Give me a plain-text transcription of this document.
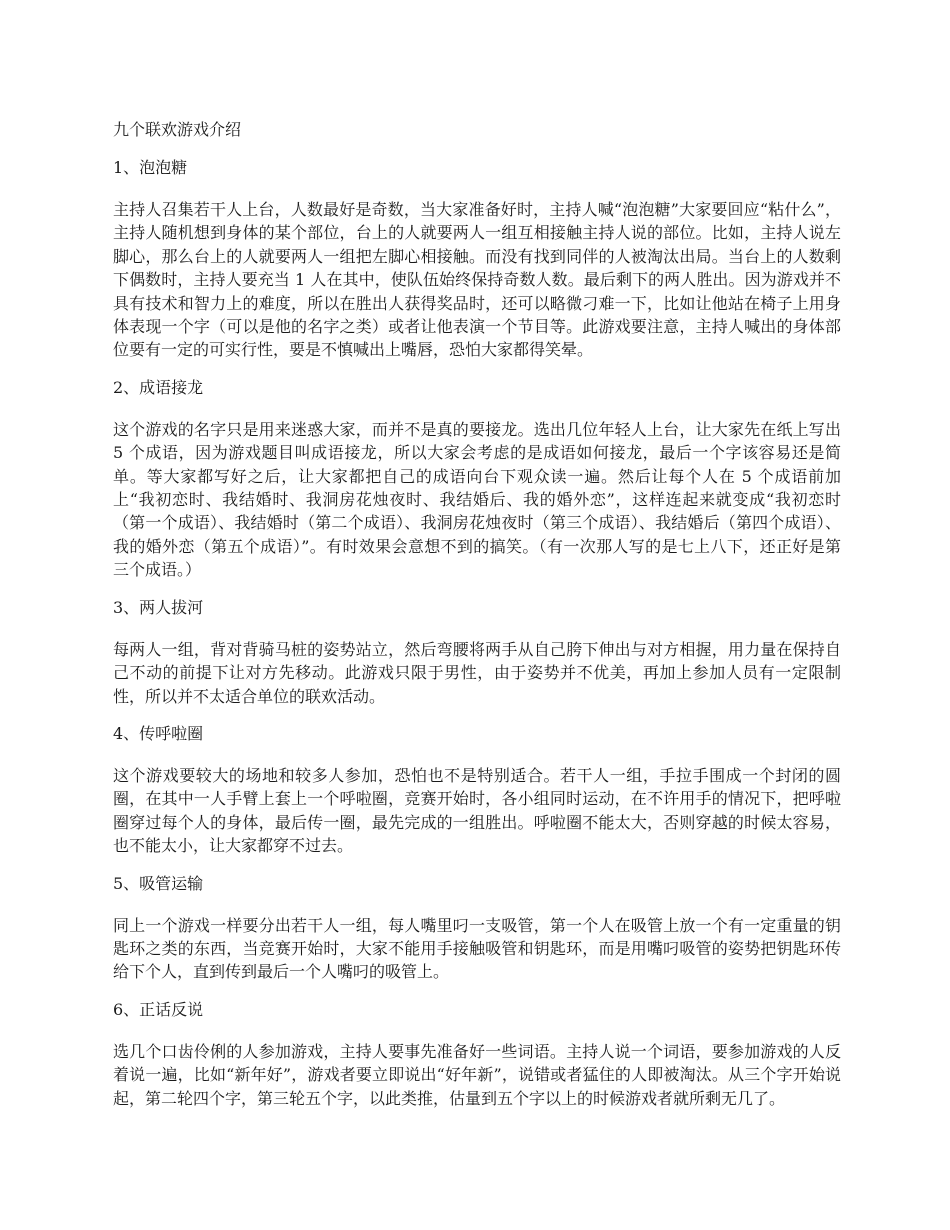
九个联欢游戏介绍
1、泡泡糖

主持人召集若干人上台，人数最好是奇数，当大家准备好时，主持人喊“泡泡糖”大家要回应“粘什么”，主持人随机想到身体的某个部位，台上的人就要两人一组互相接触主持人说的部位。比如，主持人说左脚心，那么台上的人就要两人一组把左脚心相接触。而没有找到同伴的人被淘汰出局。当台上的人数剩下偶数时，主持人要充当 1 人在其中，使队伍始终保持奇数人数。最后剩下的两人胜出。因为游戏并不具有技术和智力上的难度，所以在胜出人获得奖品时，还可以略微刁难一下，比如让他站在椅子上用身体表现一个字（可以是他的名字之类）或者让他表演一个节目等。此游戏要注意，主持人喊出的身体部位要有一定的可实行性，要是不慎喊出上嘴唇，恐怕大家都得笑晕。

2、成语接龙

这个游戏的名字只是用来迷惑大家，而并不是真的要接龙。选出几位年轻人上台，让大家先在纸上写出 5 个成语，因为游戏题目叫成语接龙，所以大家会考虑的是成语如何接龙，最后一个字该容易还是简单。等大家都写好之后，让大家都把自己的成语向台下观众读一遍。然后让每个人在 5 个成语前加上“我初恋时、我结婚时、我洞房花烛夜时、我结婚后、我的婚外恋”，这样连起来就变成“我初恋时（第一个成语）、我结婚时（第二个成语）、我洞房花烛夜时（第三个成语）、我结婚后（第四个成语）、我的婚外恋（第五个成语）”。有时效果会意想不到的搞笑。（有一次那人写的是七上八下，还正好是第三个成语。）

3、两人拔河

每两人一组，背对背骑马桩的姿势站立，然后弯腰将两手从自己胯下伸出与对方相握，用力量在保持自己不动的前提下让对方先移动。此游戏只限于男性，由于姿势并不优美，再加上参加人员有一定限制性，所以并不太适合单位的联欢活动。

4、传呼啦圈

这个游戏要较大的场地和较多人参加，恐怕也不是特别适合。若干人一组，手拉手围成一个封闭的圆圈，在其中一人手臂上套上一个呼啦圈，竞赛开始时，各小组同时运动，在不许用手的情况下，把呼啦圈穿过每个人的身体，最后传一圈，最先完成的一组胜出。呼啦圈不能太大，否则穿越的时候太容易，也不能太小，让大家都穿不过去。

5、吸管运输

同上一个游戏一样要分出若干人一组，每人嘴里叼一支吸管，第一个人在吸管上放一个有一定重量的钥匙环之类的东西，当竞赛开始时，大家不能用手接触吸管和钥匙环，而是用嘴叼吸管的姿势把钥匙环传给下个人，直到传到最后一个人嘴叼的吸管上。

6、正话反说

选几个口齿伶俐的人参加游戏，主持人要事先准备好一些词语。主持人说一个词语，要参加游戏的人反着说一遍，比如“新年好”，游戏者要立即说出“好年新”，说错或者猛住的人即被淘汰。从三个字开始说起，第二轮四个字，第三轮五个字，以此类推，估量到五个字以上的时候游戏者就所剩无几了。
